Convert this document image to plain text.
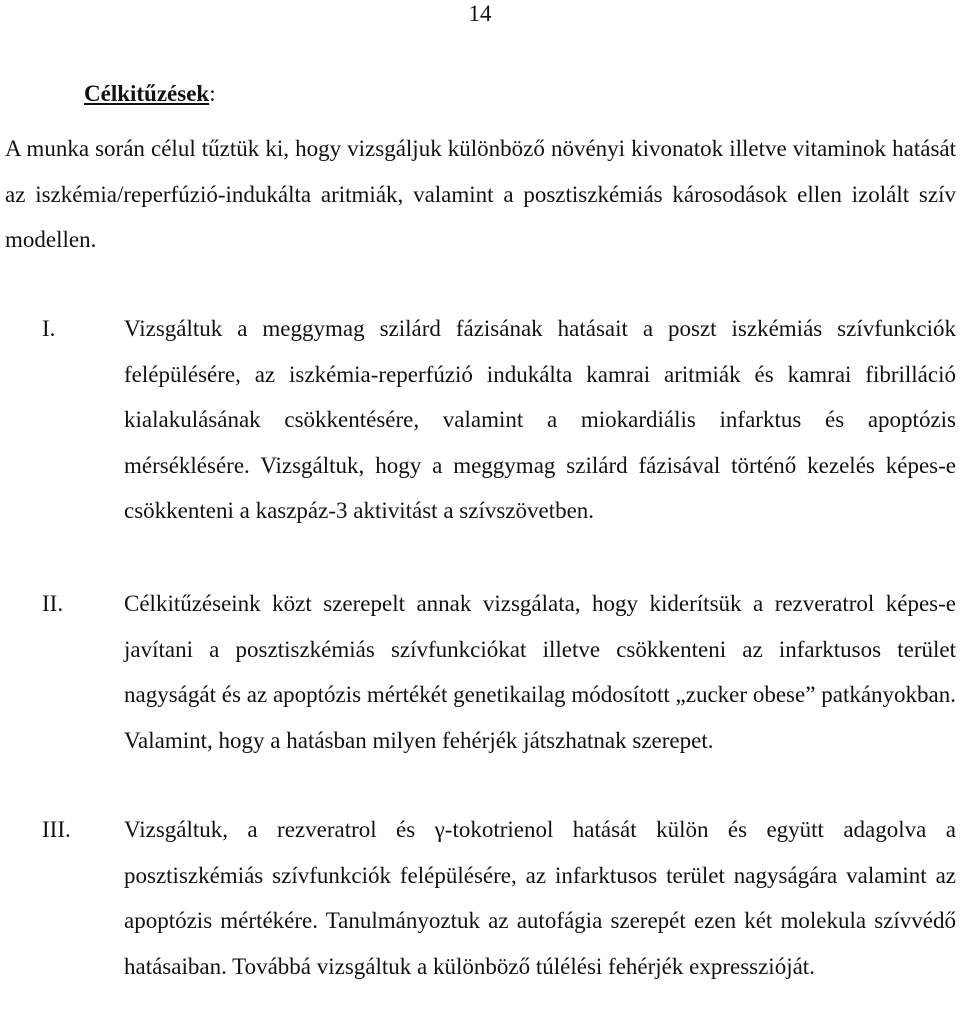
14
Célkitűzések:
A munka során célul tűztük ki, hogy vizsgáljuk különböző növényi kivonatok illetve vitaminok hatását az iszkémia/reperfúzió-indukálta aritmiák, valamint a posztiszkémiás károsodások ellen izolált szív modellen.
I.	Vizsgáltuk a meggymag szilárd fázisának hatásait a poszt iszkémiás szívfunkciók felépülésére, az iszkémia-reperfúzió indukálta kamrai aritmiák és kamrai fibrilláció kialakulásának csökkentésére, valamint a miokardiális infarktus és apoptózis mérséklésére. Vizsgáltuk, hogy a meggymag szilárd fázisával történő kezelés képes-e csökkenteni a kaszpáz-3 aktivitást a szívszövetben.
II.	Célkitűzéseink közt szerepelt annak vizsgálata, hogy kiderítsük a rezveratrol képes-e javítani a posztiszkémiás szívfunkciókat illetve csökkenteni az infarktusos terület nagyságát és az apoptózis mértékét genetikailag módosított „zucker obese” patkányokban. Valamint, hogy a hatásban milyen fehérjék játszhatnak szerepet.
III. Vizsgáltuk, a rezveratrol és γ-tokotrienol hatását külön és együtt adagolva a posztiszkémiás szívfunkciók felépülésére, az infarktusos terület nagyságára valamint az apoptózis mértékére. Tanulmányoztuk az autofágia szerepét ezen két molekula szívvédő hatásaiban. Továbbá vizsgáltuk a különböző túlélési fehérjék expresszióját.
